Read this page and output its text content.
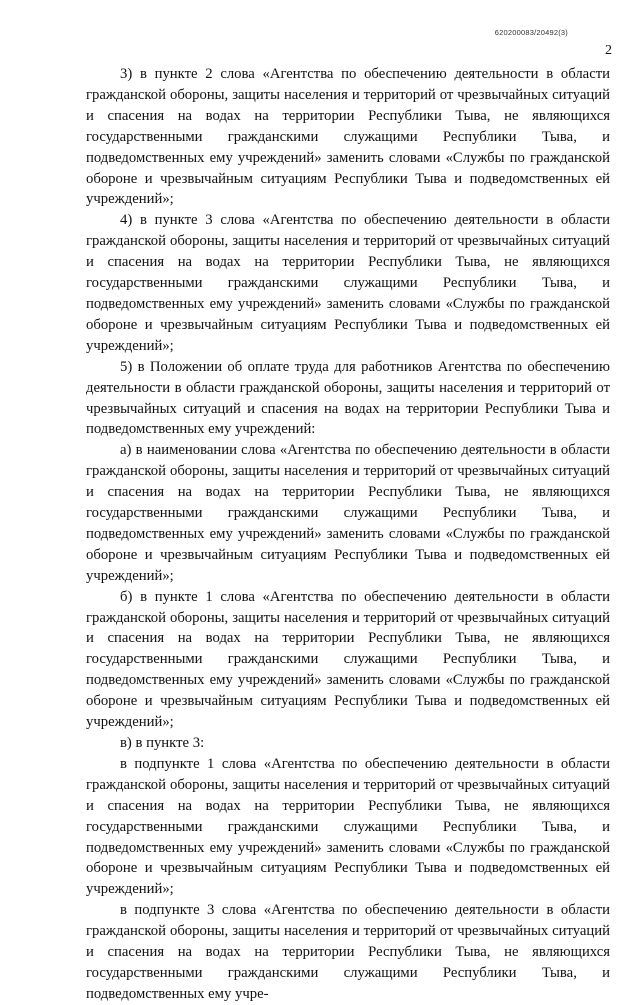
620200083/20492(3)
2

3) в пункте 2 слова «Агентства по обеспечению деятельности в области гражданской обороны, защиты населения и территорий от чрезвычайных ситуаций и спасения на водах на территории Республики Тыва, не являющихся государственными гражданскими служащими Республики Тыва, и подведомственных ему учреждений» заменить словами «Службы по гражданской обороне и чрезвычайным ситуациям Республики Тыва и подведомственных ей учреждений»;

4) в пункте 3 слова «Агентства по обеспечению деятельности в области гражданской обороны, защиты населения и территорий от чрезвычайных ситуаций и спасения на водах на территории Республики Тыва, не являющихся государственными гражданскими служащими Республики Тыва, и подведомственных ему учреждений» заменить словами «Службы по гражданской обороне и чрезвычайным ситуациям Республики Тыва и подведомственных ей учреждений»;

5) в Положении об оплате труда для работников Агентства по обеспечению деятельности в области гражданской обороны, защиты населения и территорий от чрезвычайных ситуаций и спасения на водах на территории Республики Тыва и подведомственных ему учреждений:

а) в наименовании слова «Агентства по обеспечению деятельности в области гражданской обороны, защиты населения и территорий от чрезвычайных ситуаций и спасения на водах на территории Республики Тыва, не являющихся государственными гражданскими служащими Республики Тыва, и подведомственных ему учреждений» заменить словами «Службы по гражданской обороне и чрезвычайным ситуациям Республики Тыва и подведомственных ей учреждений»;

б) в пункте 1 слова «Агентства по обеспечению деятельности в области гражданской обороны, защиты населения и территорий от чрезвычайных ситуаций и спасения на водах на территории Республики Тыва, не являющихся государственными гражданскими служащими Республики Тыва, и подведомственных ему учреждений» заменить словами «Службы по гражданской обороне и чрезвычайным ситуациям Республики Тыва и подведомственных ей учреждений»;

в) в пункте 3:

в подпункте 1 слова «Агентства по обеспечению деятельности в области гражданской обороны, защиты населения и территорий от чрезвычайных ситуаций и спасения на водах на территории Республики Тыва, не являющихся государственными гражданскими служащими Республики Тыва, и подведомственных ему учреждений» заменить словами «Службы по гражданской обороне и чрезвычайным ситуациям Республики Тыва и подведомственных ей учреждений»;

в подпункте 3 слова «Агентства по обеспечению деятельности в области гражданской обороны, защиты населения и территорий от чрезвычайных ситуаций и спасения на водах на территории Республики Тыва, не являющихся государственными гражданскими служащими Республики Тыва, и подведомственных ему учре-
